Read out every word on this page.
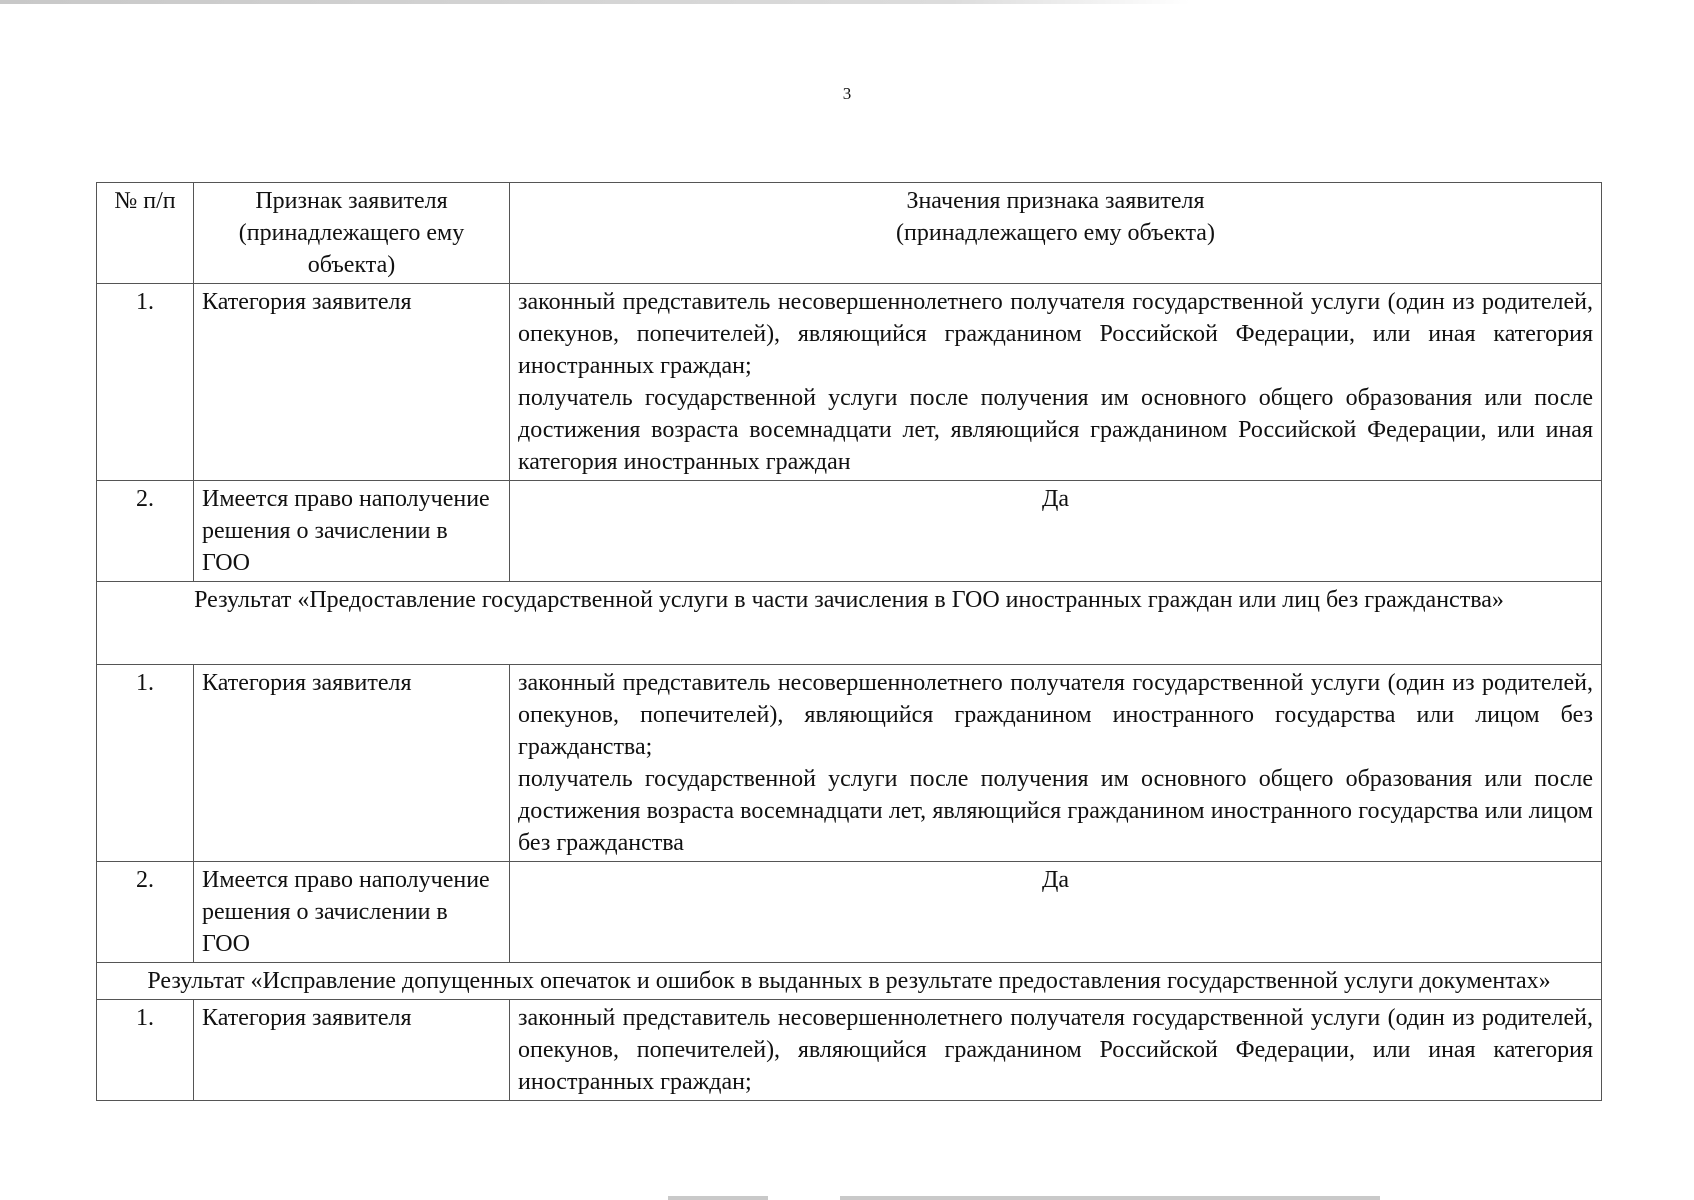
3
№ п/п	Признак заявителя (принадлежащего ему объекта)	Значения признака заявителя
(принадлежащего ему объекта)

1.	Категория заявителя	законный представитель несовершеннолетнего получателя государственной услуги (один из родителей, опекунов, попечителей), являющийся гражданином Российской Федерации, или иная категория иностранных граждан;
получатель государственной услуги после получения им основного общего образования или после достижения возраста восемнадцати лет, являющийся гражданином Российской Федерации, или иная категория иностранных граждан

2.	Имеется право наполучение решения о зачислении в ГОО	Да
Результат «Предоставление государственной услуги в части зачисления в ГОО иностранных граждан или лиц без гражданства»		
1.	Категория заявителя	законный представитель несовершеннолетнего получателя государственной услуги (один из родителей, опекунов, попечителей), являющийся гражданином иностранного государства или лицом без гражданства;
получатель государственной услуги после получения им основного общего образования или после достижения возраста восемнадцати лет, являющийся гражданином иностранного государства или лицом без гражданства

2.	Имеется право наполучение решения о зачислении в ГОО	Да
Результат «Исправление допущенных опечаток и ошибок в выданных в результате предоставления государственной услуги документах»		
1.	Категория заявителя	законный представитель несовершеннолетнего получателя государственной услуги (один из родителей, опекунов, попечителей), являющийся гражданином Российской Федерации, или иная категория иностранных граждан;
